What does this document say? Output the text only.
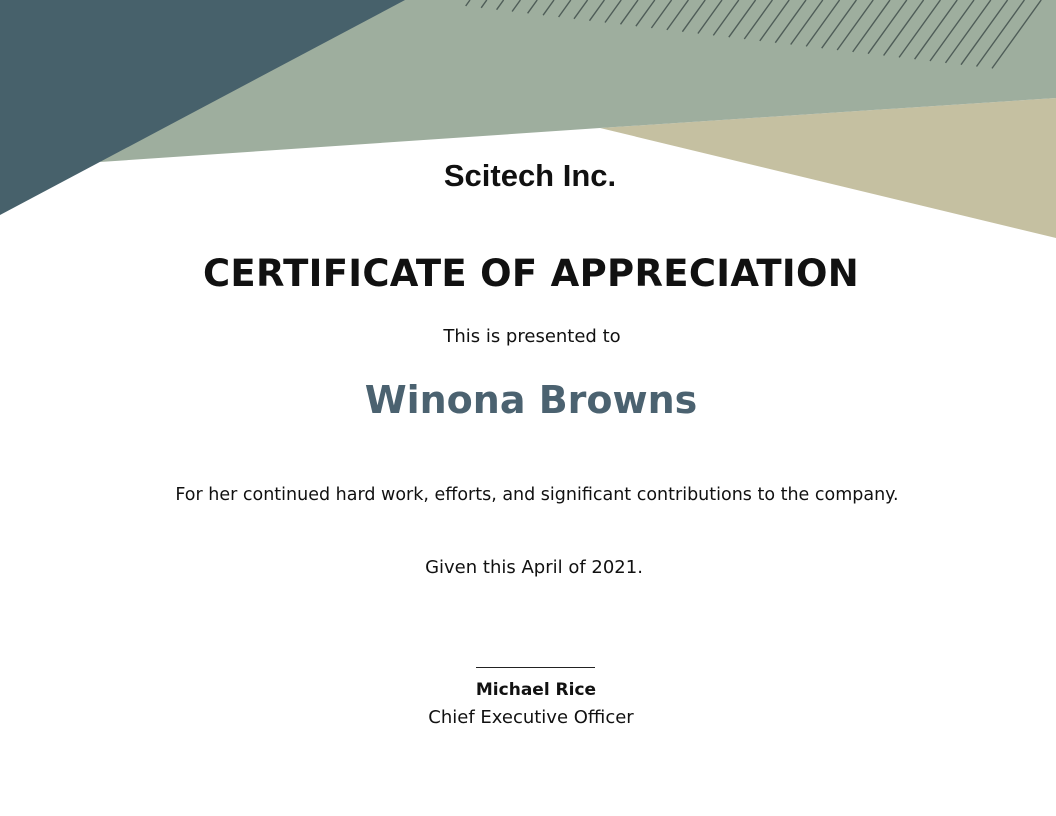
Scitech Inc.
CERTIFICATE OF APPRECIATION
This is presented to
Winona Browns
For her continued hard work, efforts, and significant contributions to the company.
Given this April of 2021.
Michael Rice
Chief Executive Officer
